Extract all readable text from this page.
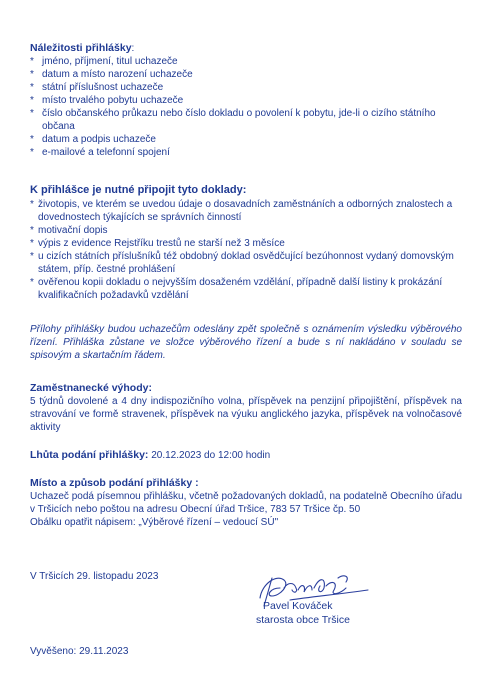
Náležitosti přihlášky:
* jméno, příjmení, titul uchazeče
* datum a místo narození uchazeče
* státní příslušnost uchazeče
* místo trvalého pobytu uchazeče
* číslo občanského průkazu nebo číslo dokladu o povolení k pobytu, jde-li o cizího státního občana
* datum a podpis uchazeče
* e-mailové a telefonní spojení
K přihlášce je nutné připojit tyto doklady:
* životopis, ve kterém se uvedou údaje o dosavadních zaměstnáních a odborných znalostech a dovednostech týkajících se správních činností
* motivační dopis
* výpis z evidence Rejstříku trestů ne starší než 3 měsíce
* u cizích státních příslušníků též obdobný doklad osvědčující bezúhonnost vydaný domovským státem, příp. čestné prohlášení
* ověřenou kopii dokladu o nejvyšším dosaženém vzdělání, případně další listiny k prokázání kvalifikačních požadavků vzdělání
Přílohy přihlášky budou uchazečům odeslány zpět společně s oznámením výsledku výběrového řízení. Přihláška zůstane ve složce výběrového řízení a bude s ní nakládáno v souladu se spisovým a skartačním řádem.
Zaměstnanecké výhody:
5 týdnů dovolené a 4 dny indispozičního volna, příspěvek na penzijní připojištění, příspěvek na stravování ve formě stravenek, příspěvek na výuku anglického jazyka, příspěvek na volnočasové aktivity
Lhůta podání přihlášky: 20.12.2023 do 12:00 hodin
Místo a způsob podání přihlášky :
Uchazeč podá písemnou přihlášku, včetně požadovaných dokladů, na podatelně Obecního úřadu v Tršicích nebo poštou na adresu Obecní úřad Tršice, 783 57 Tršice čp. 50
Obálku opatřit nápisem: „Výběrové řízení – vedoucí SÚ"
V Tršicích 29. listopadu 2023
Pavel Kováček
starosta obce Tršice
Vyvěšeno: 29.11.2023
